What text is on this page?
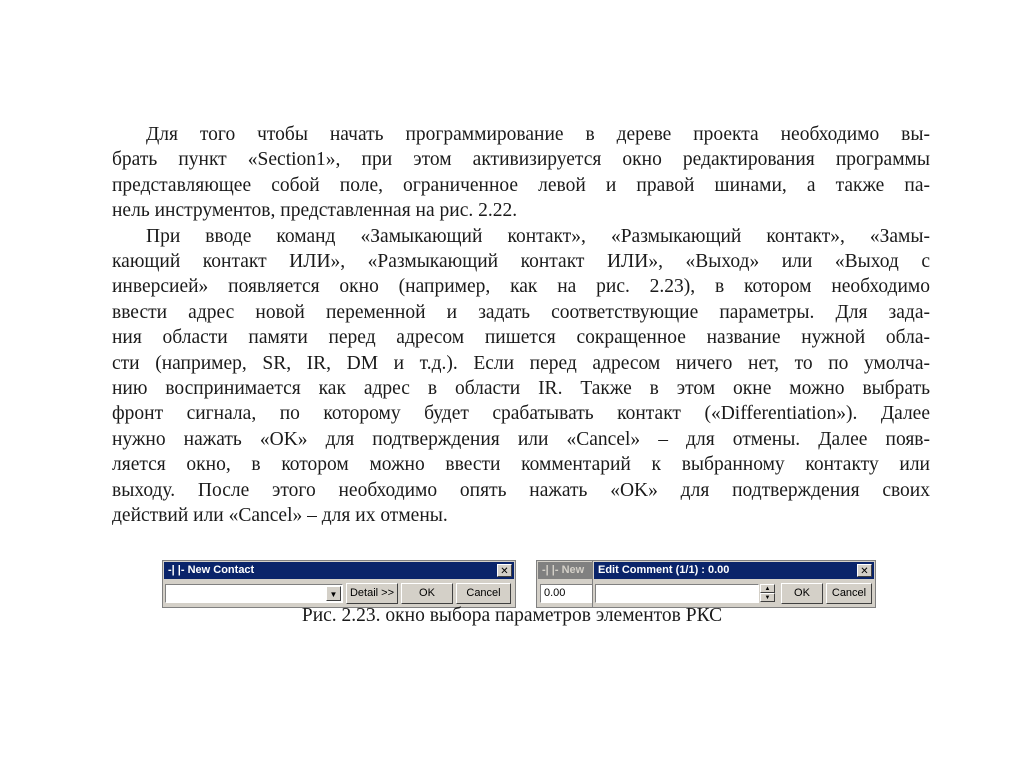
Для того чтобы начать программирование в дереве проекта необходимо вы-
брать пункт «Section1», при этом активизируется окно редактирования программы
представляющее собой поле, ограниченное левой и правой шинами, а также па-
нель инструментов, представленная на рис. 2.22.
При вводе команд «Замыкающий контакт», «Размыкающий контакт», «Замы-
кающий контакт ИЛИ», «Размыкающий контакт ИЛИ», «Выход» или «Выход с
инверсией» появляется окно (например, как на рис. 2.23), в котором необходимо
ввести адрес новой переменной и задать соответствующие параметры. Для зада-
ния области памяти перед адресом пишется сокращенное название нужной обла-
сти (например, SR, IR, DM и т.д.). Если перед адресом ничего нет, то по умолча-
нию воспринимается как адрес в области IR. Также в этом окне можно выбрать
фронт сигнала, по которому будет срабатывать контакт («Differentiation»). Далее
нужно нажать «OK» для подтверждения или «Cancel» – для отмены. Далее появ-
ляется окно, в котором можно ввести комментарий к выбранному контакту или
выходу. После этого необходимо опять нажать «OK» для подтверждения своих
действий или «Cancel» – для их отмены.
-| |- New Contact	✕
▼	Detail >>	OK	Cancel
-| |- New
0.00
Edit Comment (1/1) : 0.00	✕
▲
▼	OK	Cancel
Рис. 2.23. окно выбора параметров элементов РКС
